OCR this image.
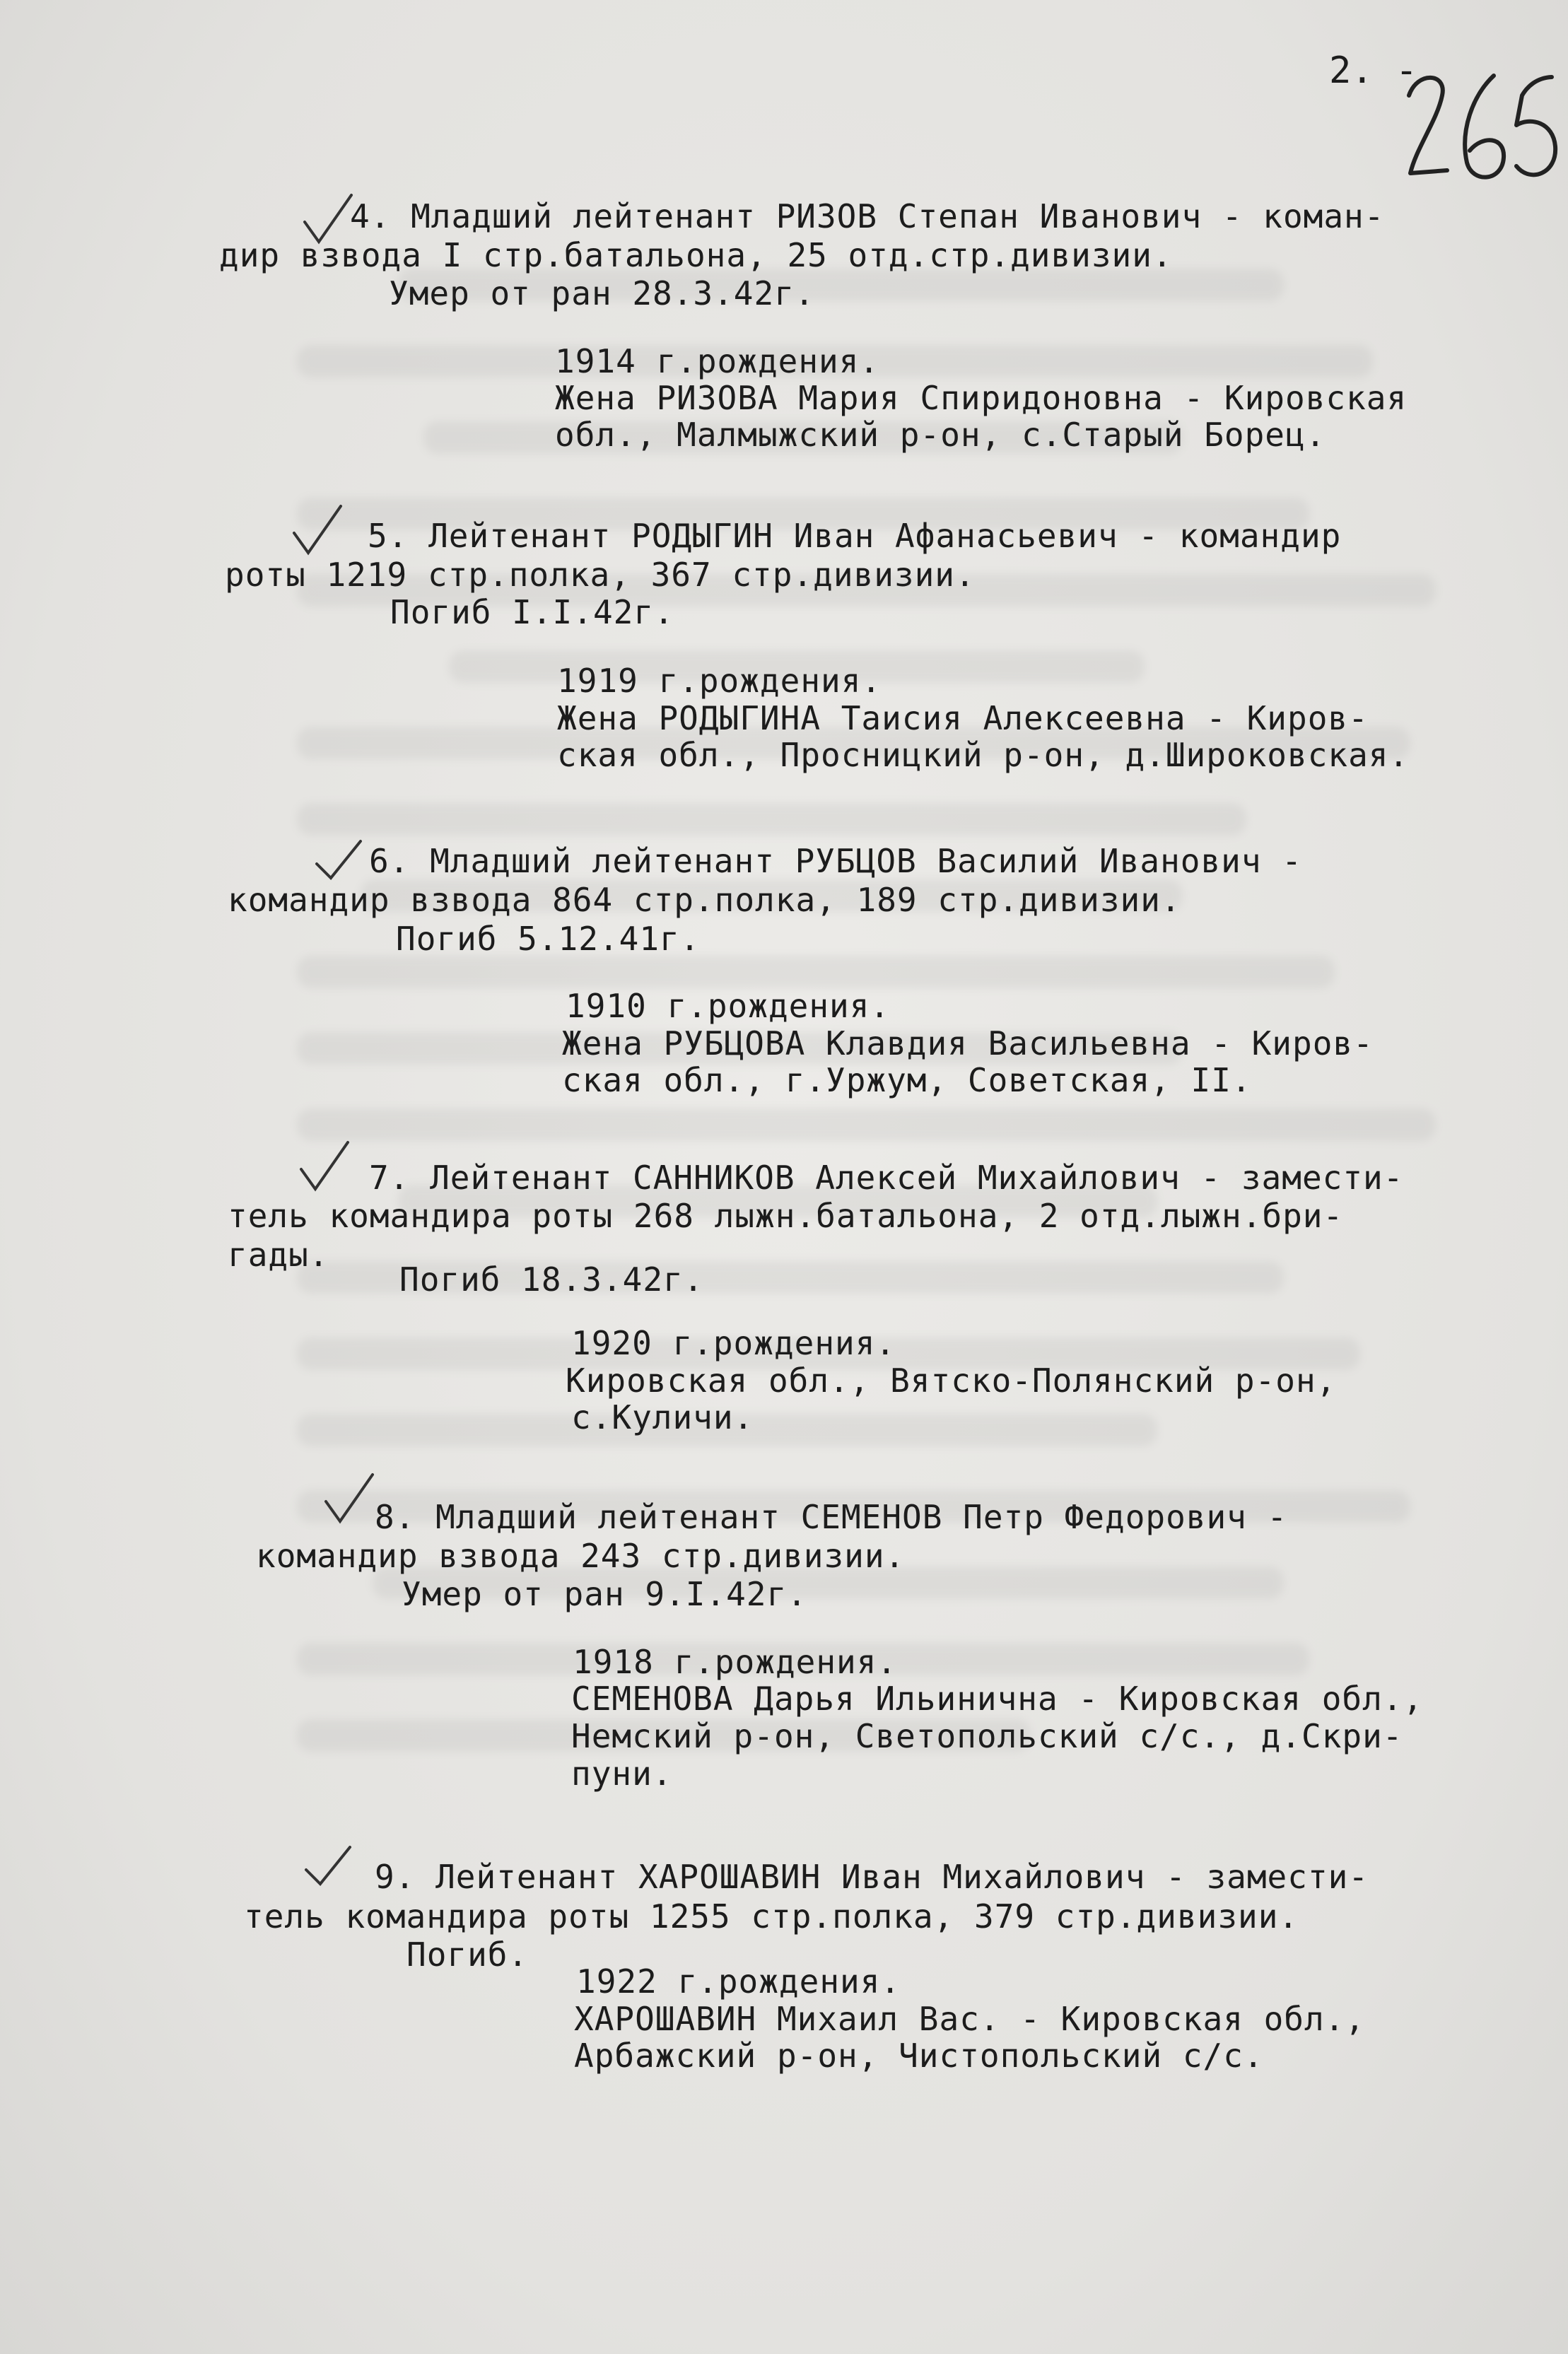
2. -
4. Младший лейтенант РИЗОВ Степан Иванович - коман-
дир взвода I стр.батальона, 25 отд.стр.дивизии.
Умер от ран 28.3.42г.
1914 г.рождения.
Жена РИЗОВА Мария Спиридоновна - Кировская
обл., Малмыжский р-он, с.Старый Борец.
5. Лейтенант РОДЫГИН Иван Афанасьевич - командир
роты 1219 стр.полка, 367 стр.дивизии.
Погиб I.I.42г.
1919 г.рождения.
Жена РОДЫГИНА Таисия Алексеевна - Киров-
ская обл., Просницкий р-он, д.Широковская.
6. Младший лейтенант РУБЦОВ Василий Иванович -
командир взвода 864 стр.полка, 189 стр.дивизии.
Погиб 5.12.41г.
1910 г.рождения.
Жена РУБЦОВА Клавдия Васильевна - Киров-
ская обл., г.Уржум, Советская, II.
7. Лейтенант САННИКОВ Алексей Михайлович - замести-
тель командира роты 268 лыжн.батальона, 2 отд.лыжн.бри-
гады.
Погиб 18.3.42г.
1920 г.рождения.
Кировская обл., Вятско-Полянский р-он,
с.Куличи.
8. Младший лейтенант СЕМЕНОВ Петр Федорович -
командир взвода 243 стр.дивизии.
Умер от ран 9.I.42г.
1918 г.рождения.
СЕМЕНОВА Дарья Ильинична - Кировская обл.,
Немский р-он, Светопольский с/с., д.Скри-
пуни.
9. Лейтенант ХАРОШАВИН Иван Михайлович - замести-
тель командира роты 1255 стр.полка, 379 стр.дивизии.
Погиб.
1922 г.рождения.
ХАРОШАВИН Михаил Вас. - Кировская обл.,
Арбажский р-он, Чистопольский с/с.
